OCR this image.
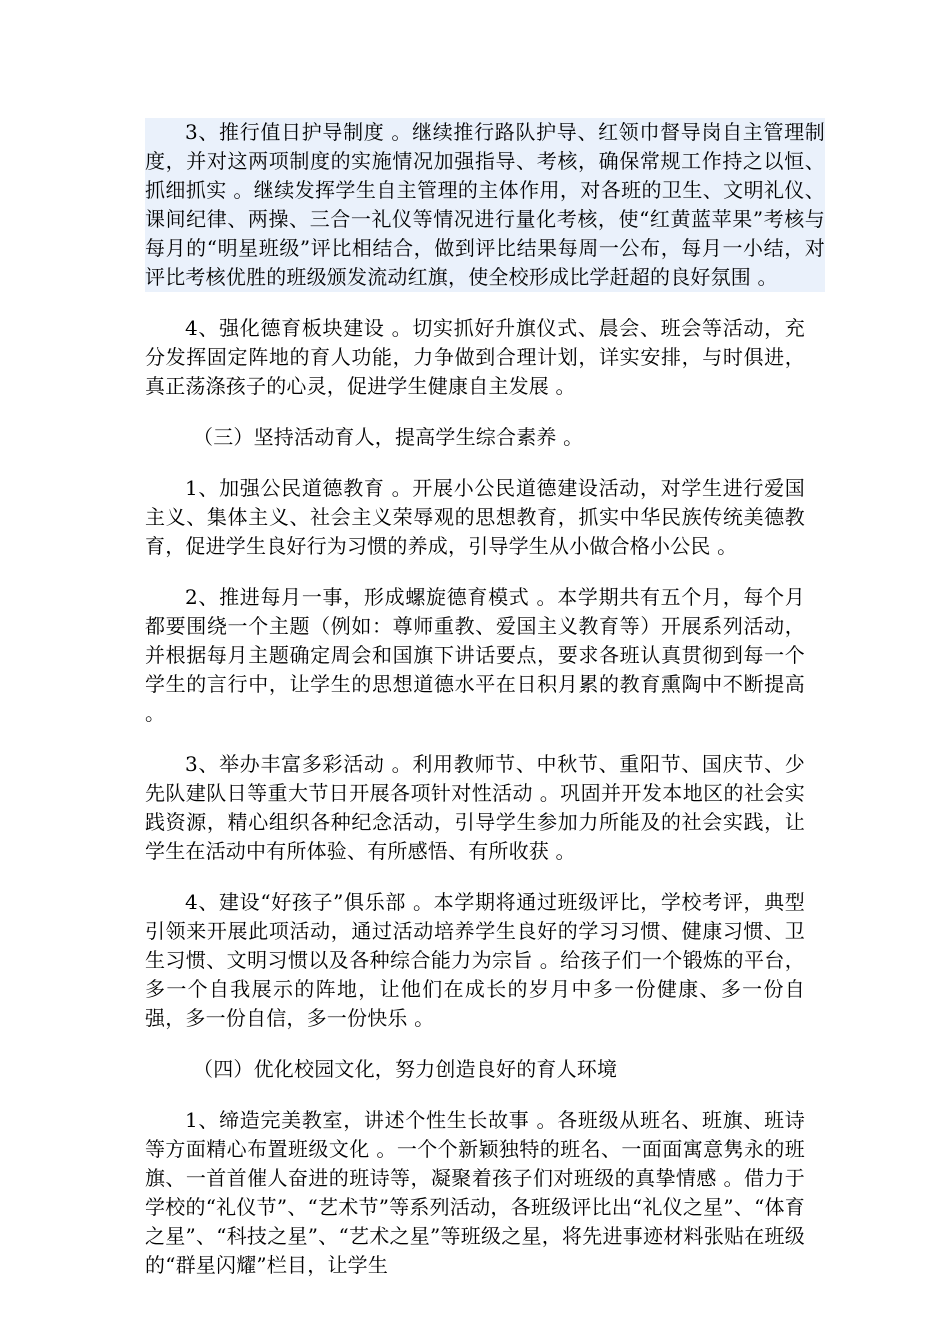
3、推行值日护导制度 。继续推行路队护导、红领巾督导岗自主管理制度，并对这两项制度的实施情况加强指导、考核，确保常规工作持之以恒、抓细抓实 。继续发挥学生自主管理的主体作用，对各班的卫生、文明礼仪、课间纪律、两操、三合一礼仪等情况进行量化考核，使“红黄蓝苹果”考核与每月的“明星班级”评比相结合，做到评比结果每周一公布，每月一小结，对评比考核优胜的班级颁发流动红旗，使全校形成比学赶超的良好氛围 。

4、强化德育板块建设 。切实抓好升旗仪式、晨会、班会等活动，充分发挥固定阵地的育人功能，力争做到合理计划，详实安排，与时俱进，真正荡涤孩子的心灵，促进学生健康自主发展 。

（三）坚持活动育人，提高学生综合素养 。

1、加强公民道德教育 。开展小公民道德建设活动，对学生进行爱国主义、集体主义、社会主义荣辱观的思想教育，抓实中华民族传统美德教育，促进学生良好行为习惯的养成，引导学生从小做合格小公民 。

2、推进每月一事，形成螺旋德育模式 。本学期共有五个月，每个月都要围绕一个主题（例如：尊师重教、爱国主义教育等）开展系列活动，并根据每月主题确定周会和国旗下讲话要点，要求各班认真贯彻到每一个学生的言行中，让学生的思想道德水平在日积月累的教育熏陶中不断提高 。

3、举办丰富多彩活动 。利用教师节、中秋节、重阳节、国庆节、少先队建队日等重大节日开展各项针对性活动 。巩固并开发本地区的社会实践资源，精心组织各种纪念活动，引导学生参加力所能及的社会实践，让学生在活动中有所体验、有所感悟、有所收获 。

4、建设“好孩子”俱乐部 。本学期将通过班级评比，学校考评，典型引领来开展此项活动，通过活动培养学生良好的学习习惯、健康习惯、卫生习惯、文明习惯以及各种综合能力为宗旨 。给孩子们一个锻炼的平台，多一个自我展示的阵地，让他们在成长的岁月中多一份健康、多一份自强，多一份自信，多一份快乐 。

（四）优化校园文化，努力创造良好的育人环境

1、缔造完美教室，讲述个性生长故事 。各班级从班名、班旗、班诗等方面精心布置班级文化 。一个个新颖独特的班名、一面面寓意隽永的班旗、一首首催人奋进的班诗等，凝聚着孩子们对班级的真挚情感 。借力于学校的“礼仪节”、“艺术节”等系列活动，各班级评比出“礼仪之星”、“体育之星”、“科技之星”、“艺术之星”等班级之星，将先进事迹材料张贴在班级的“群星闪耀”栏目，让学生
